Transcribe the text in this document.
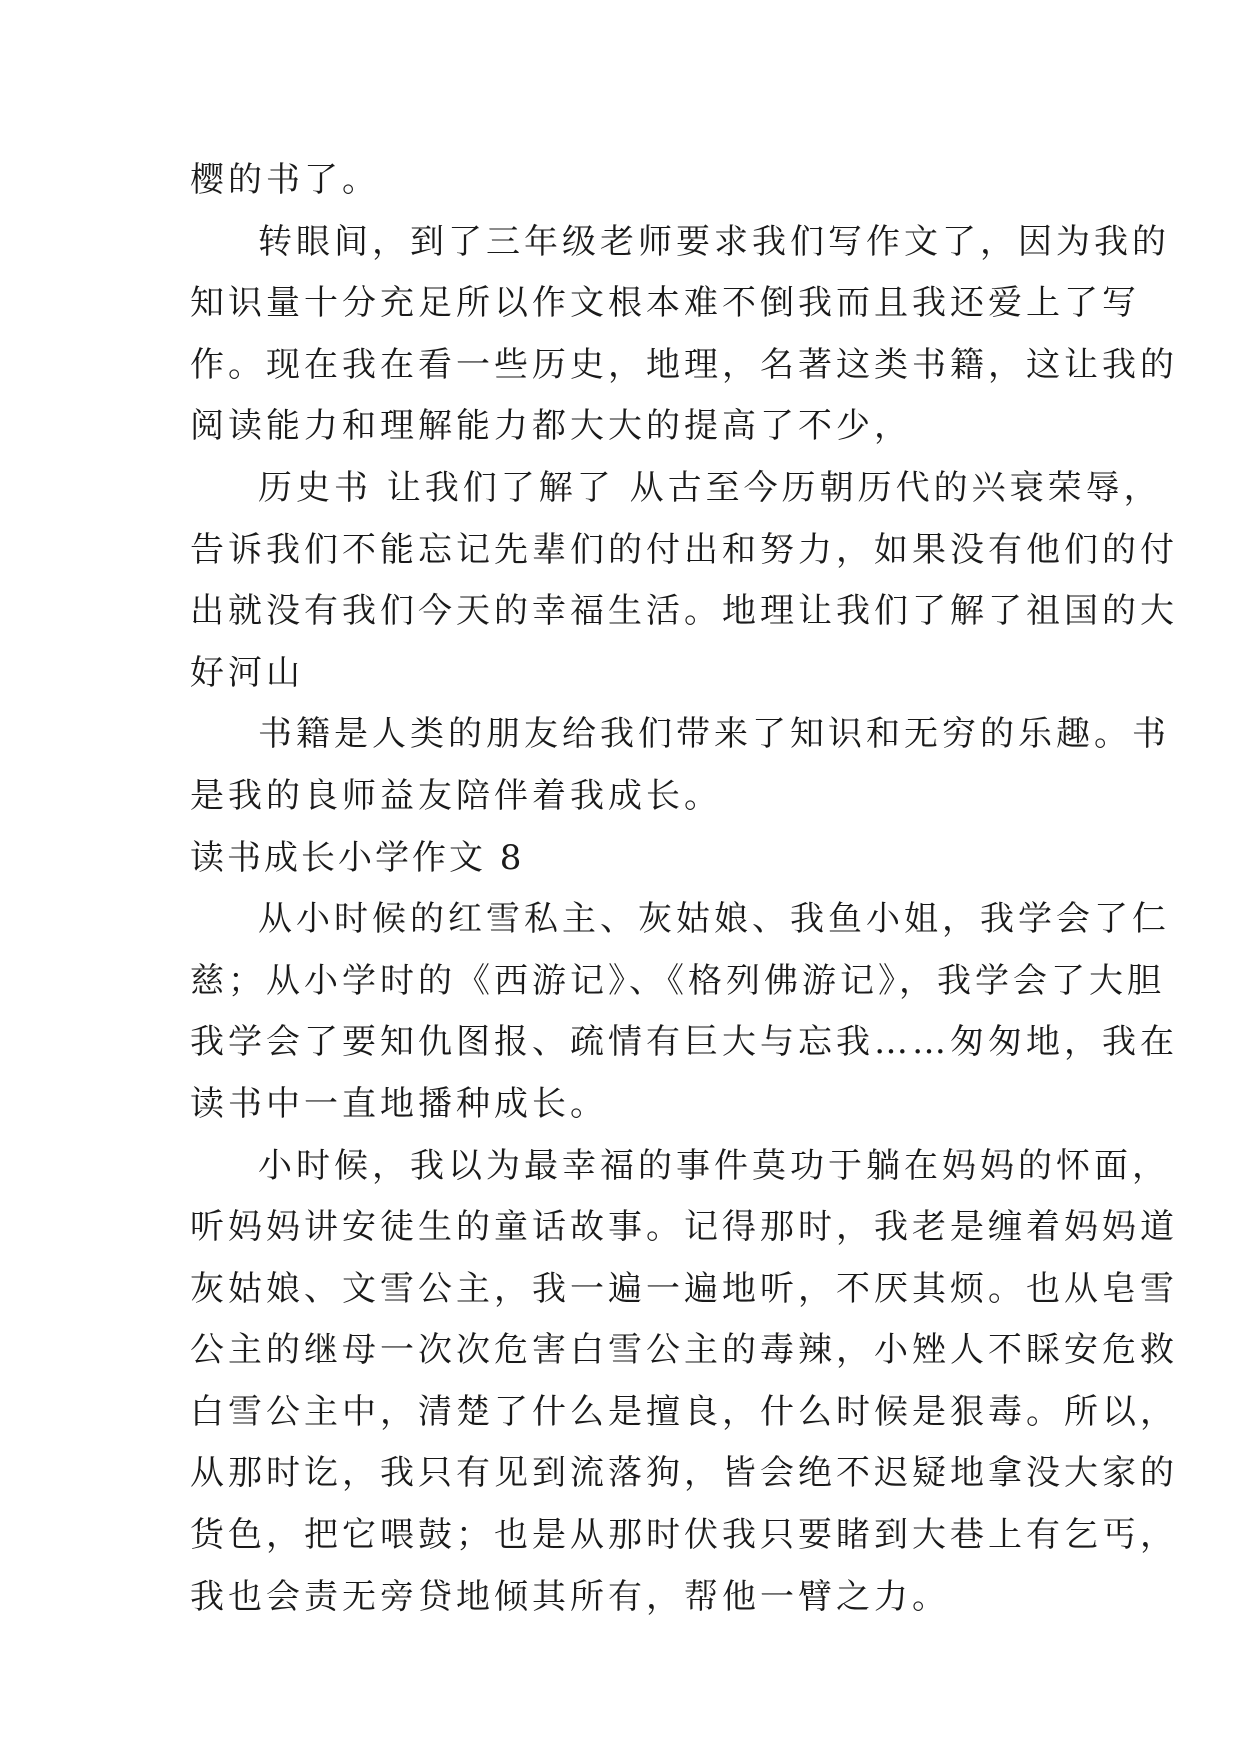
樱的书了。
转眼间，到了三年级老师要求我们写作文了，因为我的
知识量十分充足所以作文根本难不倒我而且我还爱上了写
作。现在我在看一些历史，地理，名著这类书籍，这让我的
阅读能力和理解能力都大大的提高了不少，
历史书 让我们了解了 从古至今历朝历代的兴衰荣辱，
告诉我们不能忘记先辈们的付出和努力，如果没有他们的付
出就没有我们今天的幸福生活。地理让我们了解了祖国的大
好河山
书籍是人类的朋友给我们带来了知识和无穷的乐趣。书
是我的良师益友陪伴着我成长。
读书成长小学作文 8
从小时候的红雪私主、灰姑娘、我鱼小姐，我学会了仁
慈；从小学时的《西游记》、《格列佛游记》，我学会了大胆
我学会了要知仇图报、疏情有巨大与忘我……匆匆地，我在
读书中一直地播种成长。
小时候，我以为最幸福的事件莫功于躺在妈妈的怀面，
听妈妈讲安徒生的童话故事。记得那时，我老是缠着妈妈道
灰姑娘、文雪公主，我一遍一遍地听，不厌其烦。也从皂雪
公主的继母一次次危害白雪公主的毒辣，小矬人不睬安危救
白雪公主中，清楚了什么是擅良，什么时候是狠毒。所以，
从那时讫，我只有见到流落狗，皆会绝不迟疑地拿没大家的
货色，把它喂鼓；也是从那时伏我只要睹到大巷上有乞丐，
我也会责无旁贷地倾其所有，帮他一臂之力。
